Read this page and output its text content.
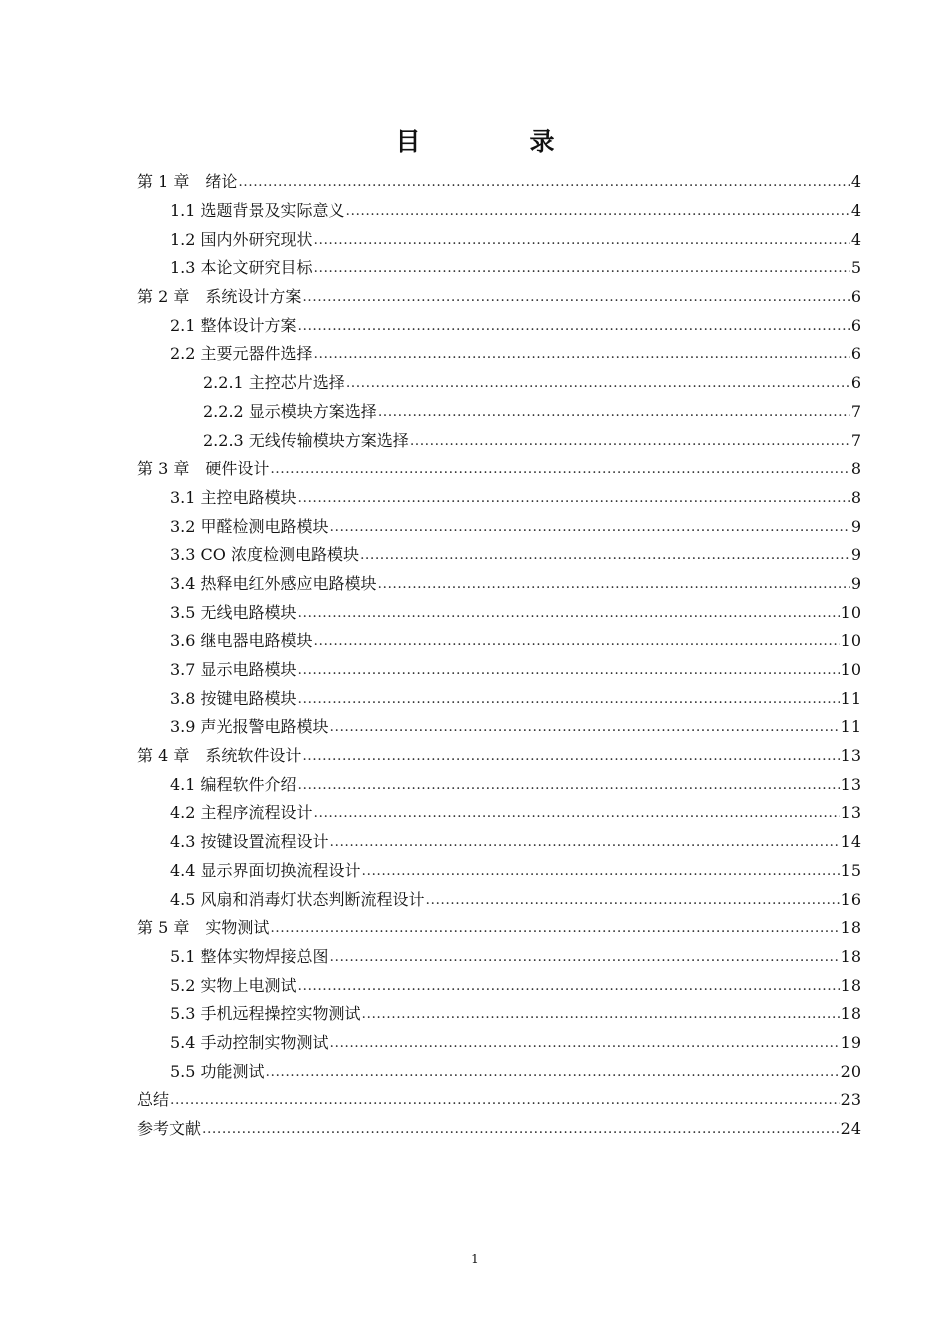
目　录
第 1 章　绪论 .....	4
1.1 选题背景及实际意义 .....	4
1.2 国内外研究现状 .....	4
1.3 本论文研究目标 .....	5
第 2 章　系统设计方案 .....	6
2.1 整体设计方案 .....	6
2.2 主要元器件选择 .....	6
2.2.1 主控芯片选择 .....	6
2.2.2 显示模块方案选择 .....	7
2.2.3 无线传输模块方案选择 .....	7
第 3 章　硬件设计 .....	8
3.1 主控电路模块 .....	8
3.2 甲醛检测电路模块 .....	9
3.3 CO 浓度检测电路模块 .....	9
3.4 热释电红外感应电路模块 .....	9
3.5 无线电路模块 .....	10
3.6 继电器电路模块 .....	10
3.7 显示电路模块 .....	10
3.8 按键电路模块 .....	11
3.9 声光报警电路模块 .....	11
第 4 章　系统软件设计 .....	13
4.1 编程软件介绍 .....	13
4.2 主程序流程设计 .....	13
4.3 按键设置流程设计 .....	14
4.4 显示界面切换流程设计 .....	15
4.5 风扇和消毒灯状态判断流程设计 .....	16
第 5 章　实物测试 .....	18
5.1 整体实物焊接总图 .....	18
5.2 实物上电测试 .....	18
5.3 手机远程操控实物测试 .....	18
5.4 手动控制实物测试 .....	19
5.5 功能测试 .....	20
总结 .....	23
参考文献 .....	24
1
